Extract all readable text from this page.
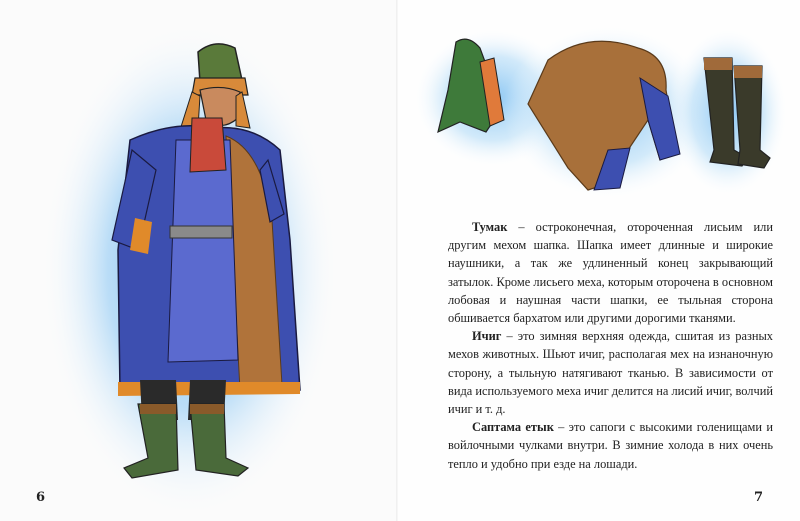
6

Тумак – остроконечная, отороченная лисьим или другим мехом шапка. Шапка имеет длинные и широкие наушники, а так же удлиненный конец закрывающий затылок. Кроме лисьего меха, которым оторочена в основном лобовая и наушная части шапки, ее тыльная сторона обшивается бархатом или другими дорогими тканями.

Ичиг – это зимняя верхняя одежда, сшитая из разных мехов животных. Шьют ичиг, располагая мех на изнаночную сторону, а тыльную натягивают тканью. В зависимости от вида используемого меха ичиг делится на лисий ичиг, волчий ичиг и т. д.

Саптама етык – это сапоги с высокими голенищами и войлочными чулками внутри. В зимние холода в них очень тепло и удобно при езде на лошади.

7
